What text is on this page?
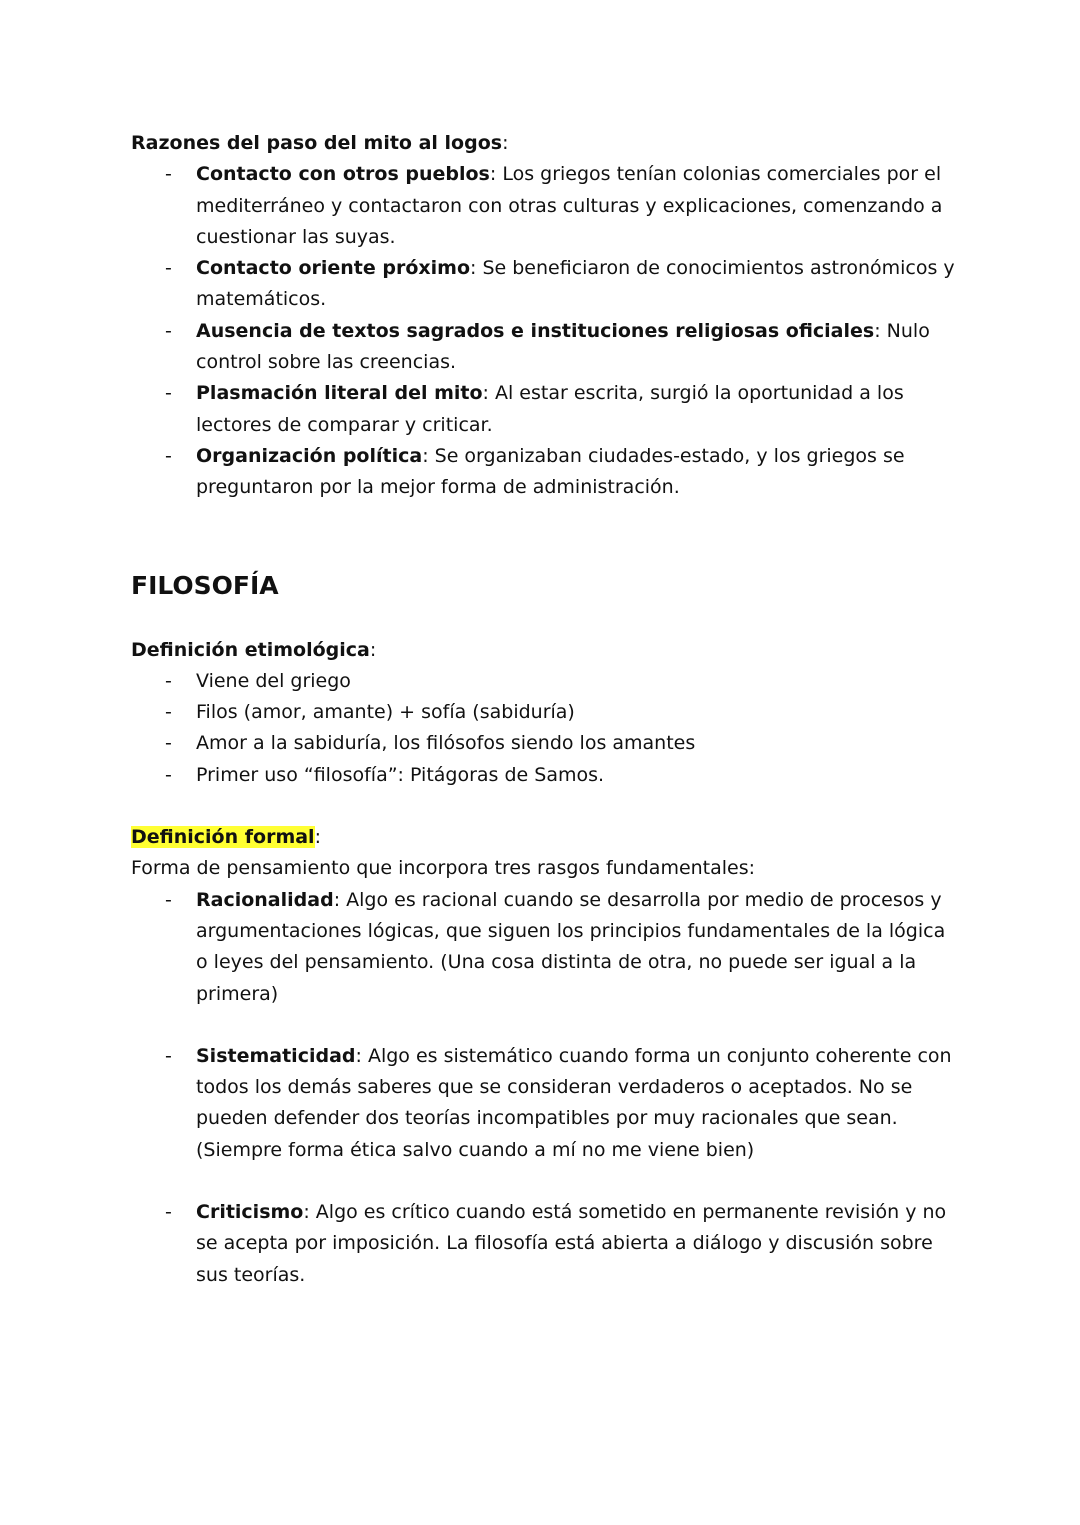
Razones del paso del mito al logos:
- Contacto con otros pueblos: Los griegos tenían colonias comerciales por el mediterráneo y contactaron con otras culturas y explicaciones, comenzando a cuestionar las suyas.
- Contacto oriente próximo: Se beneficiaron de conocimientos astronómicos y matemáticos.
- Ausencia de textos sagrados e instituciones religiosas oficiales: Nulo control sobre las creencias.
- Plasmación literal del mito: Al estar escrita, surgió la oportunidad a los lectores de comparar y criticar.
- Organización política: Se organizaban ciudades-estado, y los griegos se preguntaron por la mejor forma de administración.
FILOSOFÍA
Definición etimológica:
- Viene del griego
- Filos (amor, amante) + sofía (sabiduría)
- Amor a la sabiduría, los filósofos siendo los amantes
- Primer uso “filosofía”: Pitágoras de Samos.
Definición formal:
Forma de pensamiento que incorpora tres rasgos fundamentales:
- Racionalidad: Algo es racional cuando se desarrolla por medio de procesos y argumentaciones lógicas, que siguen los principios fundamentales de la lógica o leyes del pensamiento. (Una cosa distinta de otra, no puede ser igual a la primera)
- Sistematicidad: Algo es sistemático cuando forma un conjunto coherente con todos los demás saberes que se consideran verdaderos o aceptados. No se pueden defender dos teorías incompatibles por muy racionales que sean. (Siempre forma ética salvo cuando a mí no me viene bien)
- Criticismo: Algo es crítico cuando está sometido en permanente revisión y no se acepta por imposición. La filosofía está abierta a diálogo y discusión sobre sus teorías.
